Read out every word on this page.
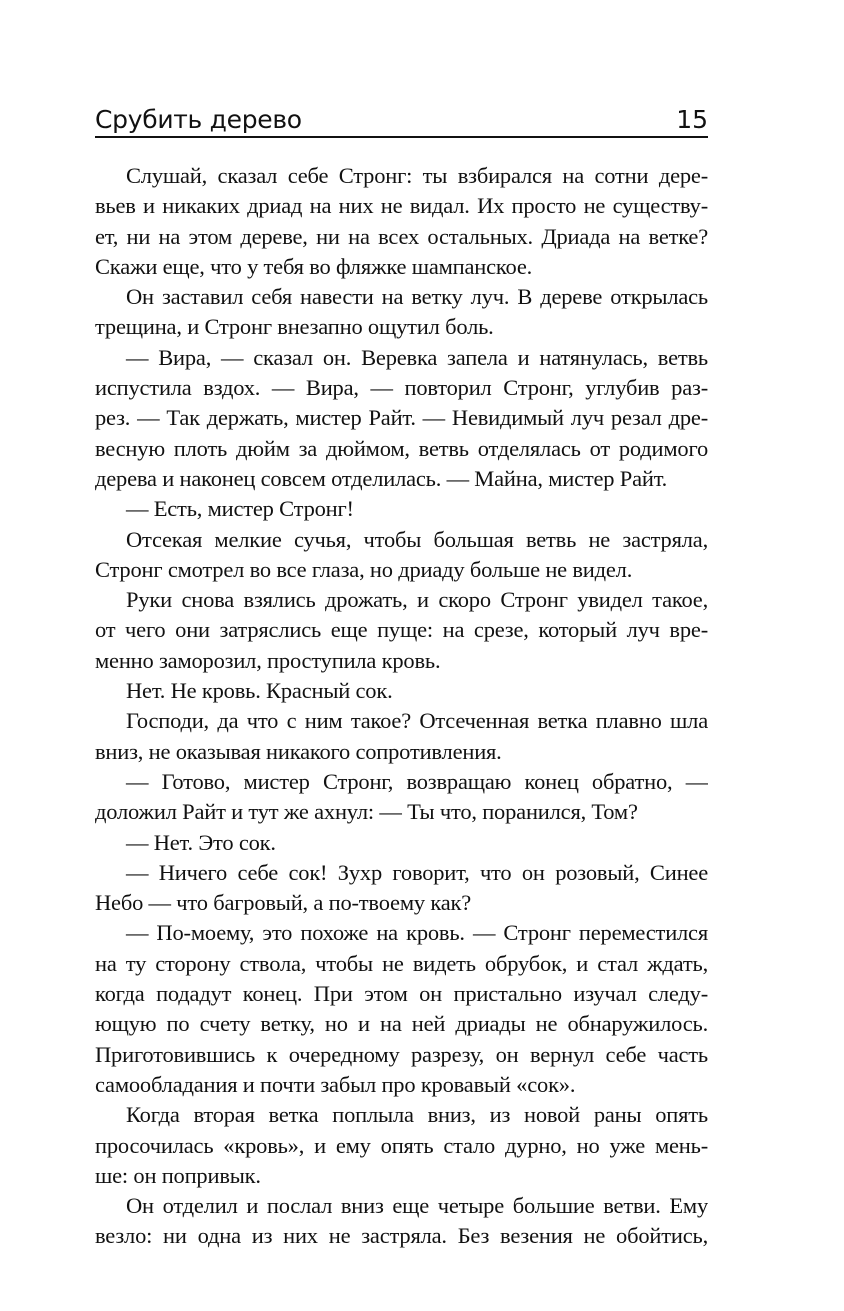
Срубить дерево	15
Слушай, сказал себе Стронг: ты взбирался на сотни дере-
вьев и никаких дриад на них не видал. Их просто не существу-
ет, ни на этом дереве, ни на всех остальных. Дриада на ветке?
Скажи еще, что у тебя во фляжке шампанское.
Он заставил себя навести на ветку луч. В дереве открылась
трещина, и Стронг внезапно ощутил боль.
— Вира, — сказал он. Веревка запела и натянулась, ветвь
испустила вздох. — Вира, — повторил Стронг, углубив раз-
рез. — Так держать, мистер Райт. — Невидимый луч резал дре-
весную плоть дюйм за дюймом, ветвь отделялась от родимого
дерева и наконец совсем отделилась. — Майна, мистер Райт.
— Есть, мистер Стронг!
Отсекая мелкие сучья, чтобы большая ветвь не застряла,
Стронг смотрел во все глаза, но дриаду больше не видел.
Руки снова взялись дрожать, и скоро Стронг увидел такое,
от чего они затряслись еще пуще: на срезе, который луч вре-
менно заморозил, проступила кровь.
Нет. Не кровь. Красный сок.
Господи, да что с ним такое? Отсеченная ветка плавно шла
вниз, не оказывая никакого сопротивления.
— Готово, мистер Стронг, возвращаю конец обратно, —
доложил Райт и тут же ахнул: — Ты что, поранился, Том?
— Нет. Это сок.
— Ничего себе сок! Зухр говорит, что он розовый, Синее
Небо — что багровый, а по-твоему как?
— По-моему, это похоже на кровь. — Стронг переместился
на ту сторону ствола, чтобы не видеть обрубок, и стал ждать,
когда подадут конец. При этом он пристально изучал следу-
ющую по счету ветку, но и на ней дриады не обнаружилось.
Приготовившись к очередному разрезу, он вернул себе часть
самообладания и почти забыл про кровавый «сок».
Когда вторая ветка поплыла вниз, из новой раны опять
просочилась «кровь», и ему опять стало дурно, но уже мень-
ше: он попривык.
Он отделил и послал вниз еще четыре большие ветви. Ему
везло: ни одна из них не застряла. Без везения не обойтись,
